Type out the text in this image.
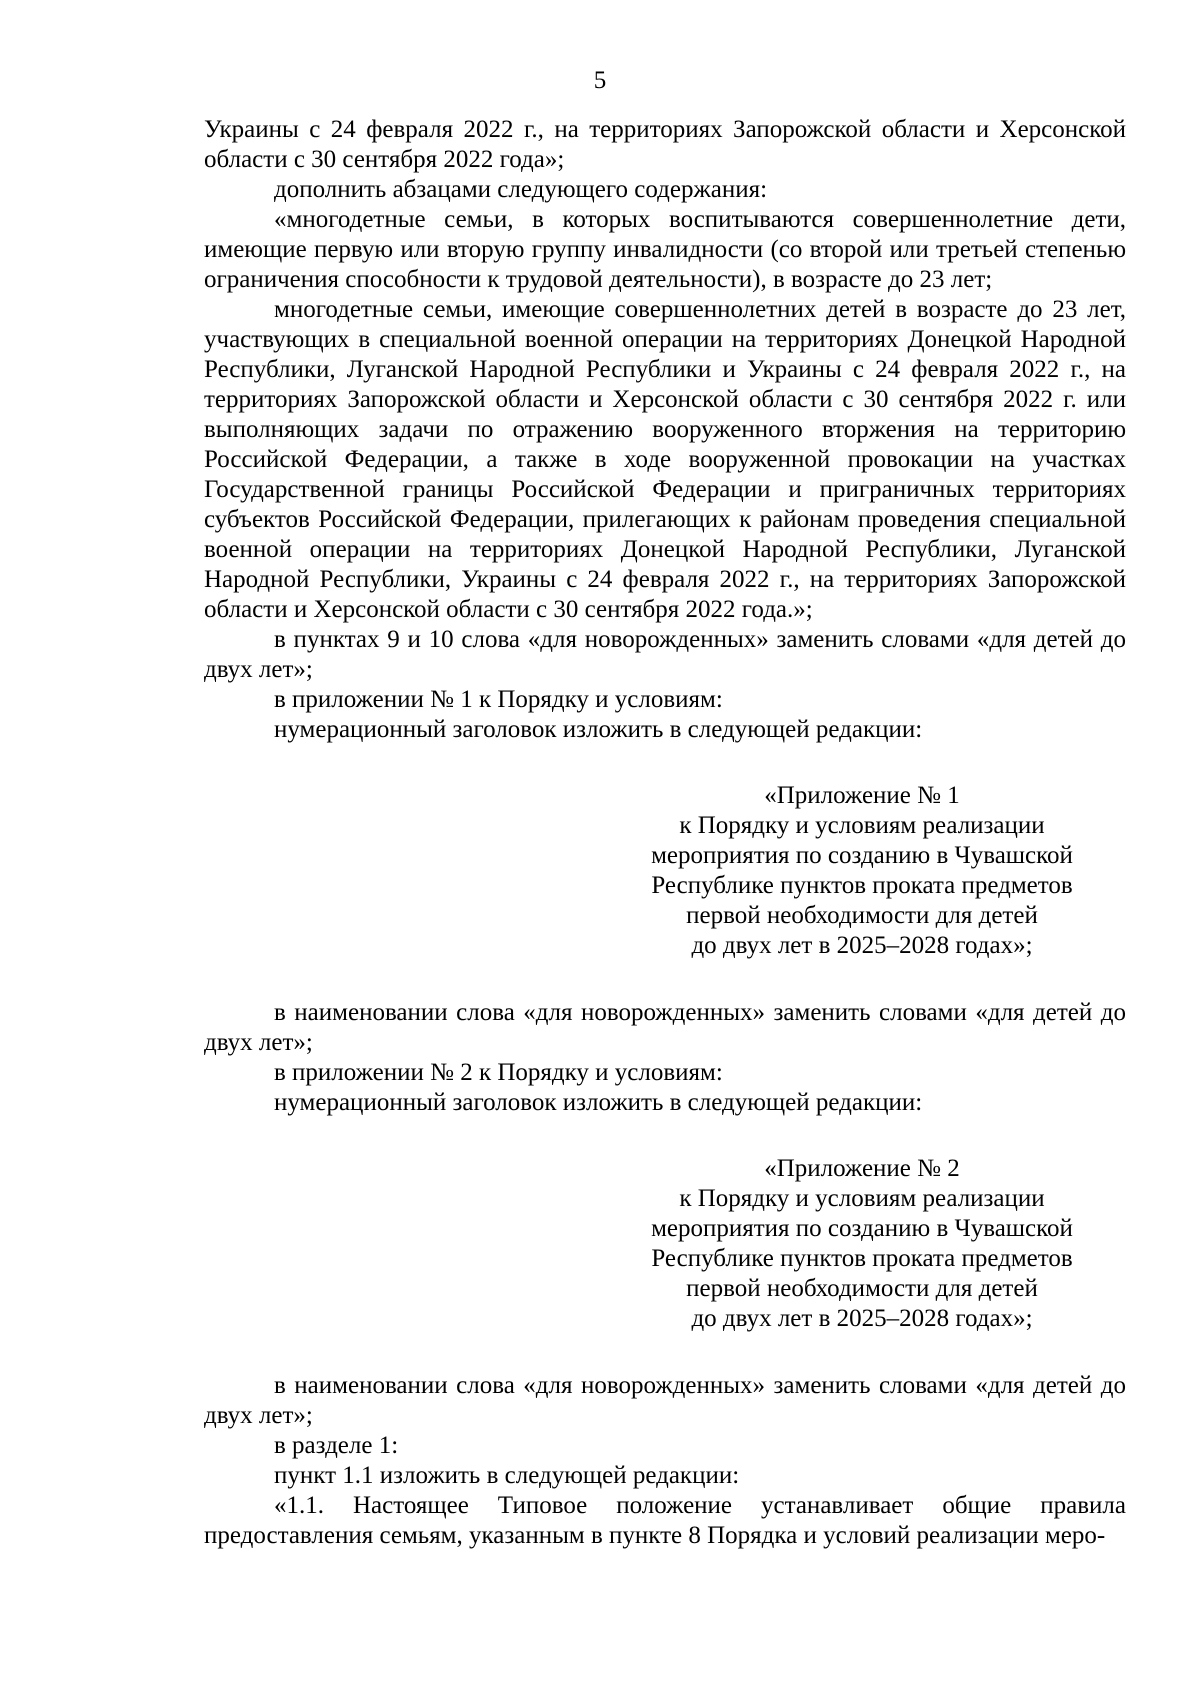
5

Украины с 24 февраля 2022 г., на территориях Запорожской области и Херсонской области с 30 сентября 2022 года»;

дополнить абзацами следующего содержания:

«многодетные семьи, в которых воспитываются совершеннолетние дети, имеющие первую или вторую группу инвалидности (со второй или третьей степенью ограничения способности к трудовой деятельности), в возрасте до 23 лет;

многодетные семьи, имеющие совершеннолетних детей в возрасте до 23 лет, участвующих в специальной военной операции на территориях Донецкой Народной Республики, Луганской Народной Республики и Украины с 24 февраля 2022 г., на территориях Запорожской области и Херсонской области с 30 сентября 2022 г. или выполняющих задачи по отражению вооруженного вторжения на территорию Российской Федерации, а также в ходе вооруженной провокации на участках Государственной границы Российской Федерации и приграничных территориях субъектов Российской Федерации, прилегающих к районам проведения специальной военной операции на территориях Донецкой Народной Республики, Луганской Народной Республики, Украины с 24 февраля 2022 г., на территориях Запорожской области и Херсонской области с 30 сентября 2022 года.»;

в пунктах 9 и 10 слова «для новорожденных» заменить словами «для детей до двух лет»;

в приложении № 1 к Порядку и условиям:

нумерационный заголовок изложить в следующей редакции:

«Приложение № 1
к Порядку и условиям реализации
мероприятия по созданию в Чувашской
Республике пунктов проката предметов
первой необходимости для детей
до двух лет в 2025–2028 годах»;

в наименовании слова «для новорожденных» заменить словами «для детей до двух лет»;

в приложении № 2 к Порядку и условиям:

нумерационный заголовок изложить в следующей редакции:

«Приложение № 2
к Порядку и условиям реализации
мероприятия по созданию в Чувашской
Республике пунктов проката предметов
первой необходимости для детей
до двух лет в 2025–2028 годах»;

в наименовании слова «для новорожденных» заменить словами «для детей до двух лет»;

в разделе 1:

пункт 1.1 изложить в следующей редакции:

«1.1. Настоящее Типовое положение устанавливает общие правила предоставления семьям, указанным в пункте 8 Порядка и условий реализации меро-
